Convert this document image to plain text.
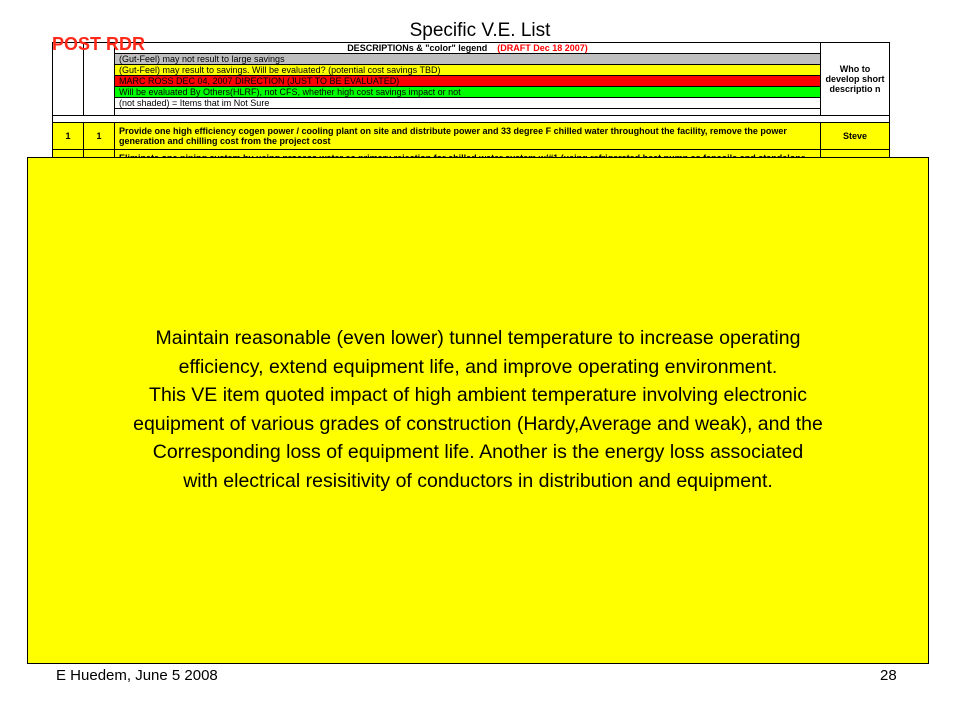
Specific V.E. List
		DESCRIPTIONs & "color" legend (DRAFT Dec 18 2007)	Who to develop short descriptio n
		(Gut-Feel) may not result to large savings	
		(Gut-Feel) may result to savings. Will be evaluated? (potential cost savings TBD)	
		MARC ROSS DEC 04, 2007 DIRECTION (JUST TO BE EVALUATED)	
		Will be evaluated By Others(HLRF), not CFS, whether high cost savings impact or not	
		(not shaded) = Items that im Not Sure	

1	1	Provide one high efficiency cogen power / cooling plant on site and distribute power and 33 degree F chilled water throughout the facility, remove the power generation and chilling cost from the project cost	Steve

POST RDR
Maintain reasonable (even lower) tunnel temperature to increase operating
efficiency, extend equipment life, and improve operating environment.
This VE item quoted impact of high ambient temperature involving electronic
equipment of various grades of construction (Hardy,Average and weak), and the
Corresponding loss of equipment life. Another is the energy loss associated
with electrical resisitivity of conductors in distribution and equipment.
E Huedem, June 5 2008	28
